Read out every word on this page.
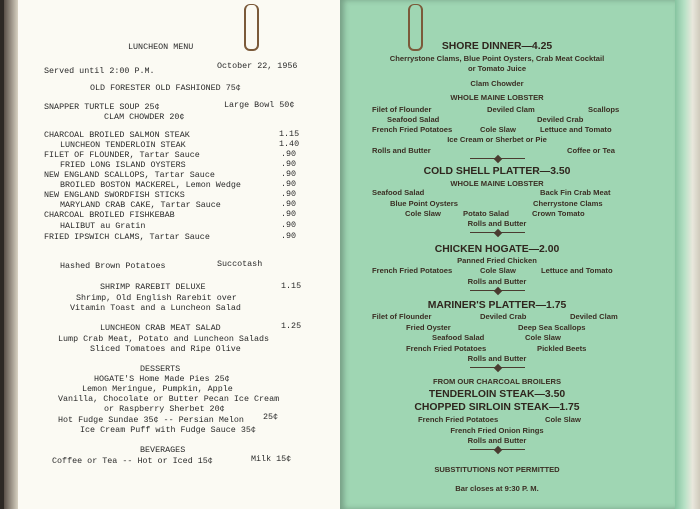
LUNCHEON MENU
Served until 2:00 P.M.	October 22, 1956
OLD FORESTER OLD FASHIONED 75¢
SNAPPER TURTLE SOUP 25¢	Large Bowl 50¢
CLAM CHOWDER 20¢
CHARCOAL BROILED SALMON STEAK	1.15
LUNCHEON TENDERLOIN STEAK	1.40
FILET OF FLOUNDER, Tartar Sauce	.90
FRIED LONG ISLAND OYSTERS	.90
NEW ENGLAND SCALLOPS, Tartar Sauce	.90
BROILED BOSTON MACKEREL, Lemon Wedge	.90
NEW ENGLAND SWORDFISH STICKS	.90
MARYLAND CRAB CAKE, Tartar Sauce	.90
CHARCOAL BROILED FISHKEBAB	.90
HALIBUT au Gratin	.90
FRIED IPSWICH CLAMS, Tartar Sauce	.90
Hashed Brown Potatoes	Succotash
SHRIMP RAREBIT DELUXE	1.15
Shrimp, Old English Rarebit over
Vitamin Toast and a Luncheon Salad
LUNCHEON CRAB MEAT SALAD	1.25
Lump Crab Meat, Potato and Luncheon Salads
Sliced Tomatoes and Ripe Olive
DESSERTS
HOGATE'S Home Made Pies 25¢
Lemon Meringue, Pumpkin, Apple
Vanilla, Chocolate or Butter Pecan Ice Cream
or Raspberry Sherbet 20¢
Hot Fudge Sundae 35¢ -- Persian Melon 25¢
Ice Cream Puff with Fudge Sauce 35¢
BEVERAGES
Coffee or Tea -- Hot or Iced 15¢	Milk 15¢
SHORE DINNER—4.25
Cherrystone Clams, Blue Point Oysters, Crab Meat Cocktail
or Tomato Juice
Clam Chowder
WHOLE MAINE LOBSTER
Filet of Flounder	Deviled Clam	Scallops
Seafood Salad	Deviled Crab
French Fried Potatoes	Cole Slaw	Lettuce and Tomato
Ice Cream or Sherbet or Pie
Rolls and Butter	Coffee or Tea
COLD SHELL PLATTER—3.50
WHOLE MAINE LOBSTER
Seafood Salad	Back Fin Crab Meat
Blue Point Oysters	Cherrystone Clams
Cole Slaw	Potato Salad	Crown Tomato
Rolls and Butter
CHICKEN HOGATE—2.00
Panned Fried Chicken
French Fried Potatoes	Cole Slaw	Lettuce and Tomato
Rolls and Butter
MARINER'S PLATTER—1.75
Filet of Flounder	Deviled Crab	Deviled Clam
Fried Oyster	Deep Sea Scallops
Seafood Salad	Cole Slaw
French Fried Potatoes	Pickled Beets
Rolls and Butter
FROM OUR CHARCOAL BROILERS
TENDERLOIN STEAK—3.50
CHOPPED SIRLOIN STEAK—1.75
French Fried Potatoes	Cole Slaw
French Fried Onion Rings
Rolls and Butter
SUBSTITUTIONS NOT PERMITTED
Bar closes at 9:30 P. M.
